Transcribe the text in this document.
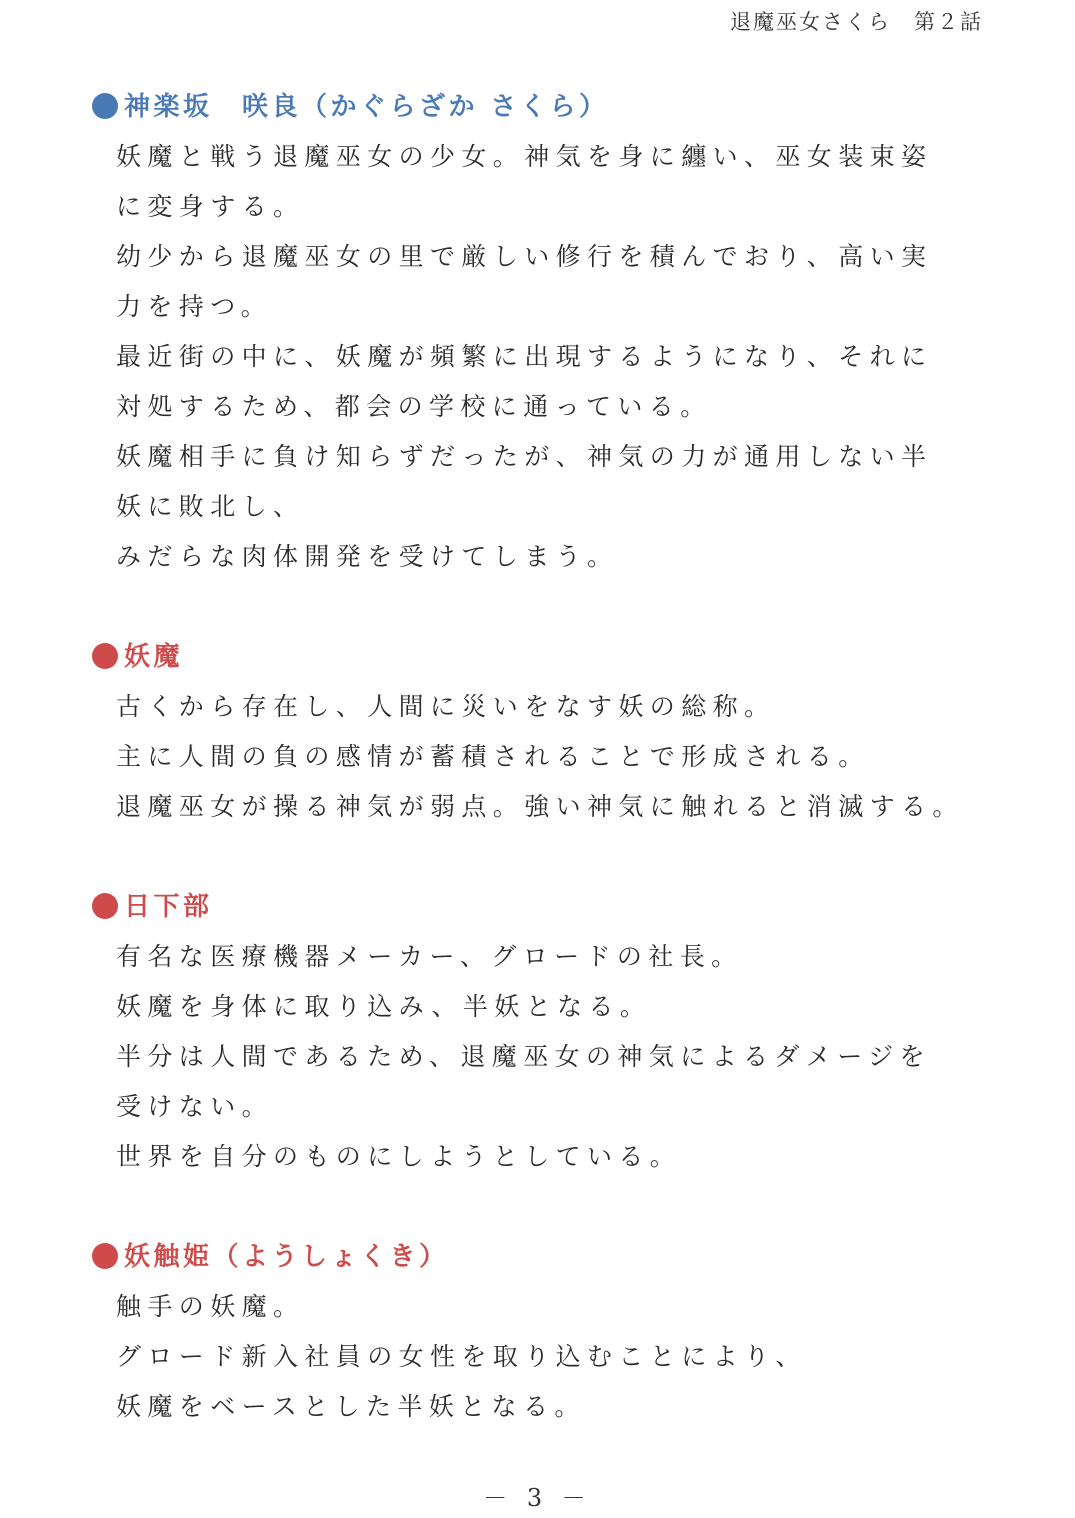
退魔巫女さくら　第２話
神楽坂　咲良（かぐらざか さくら）
妖魔と戦う退魔巫女の少女。神気を身に纏い、巫女装束姿
に変身する。
幼少から退魔巫女の里で厳しい修行を積んでおり、高い実
力を持つ。
最近街の中に、妖魔が頻繁に出現するようになり、それに
対処するため、都会の学校に通っている。
妖魔相手に負け知らずだったが、神気の力が通用しない半
妖に敗北し、
みだらな肉体開発を受けてしまう。
妖魔
古くから存在し、人間に災いをなす妖の総称。
主に人間の負の感情が蓄積されることで形成される。
退魔巫女が操る神気が弱点。強い神気に触れると消滅する。
日下部
有名な医療機器メーカー、グロードの社長。
妖魔を身体に取り込み、半妖となる。
半分は人間であるため、退魔巫女の神気によるダメージを
受けない。
世界を自分のものにしようとしている。
妖触姫（ようしょくき）
触手の妖魔。
グロード新入社員の女性を取り込むことにより、
妖魔をベースとした半妖となる。
－ 3 －
